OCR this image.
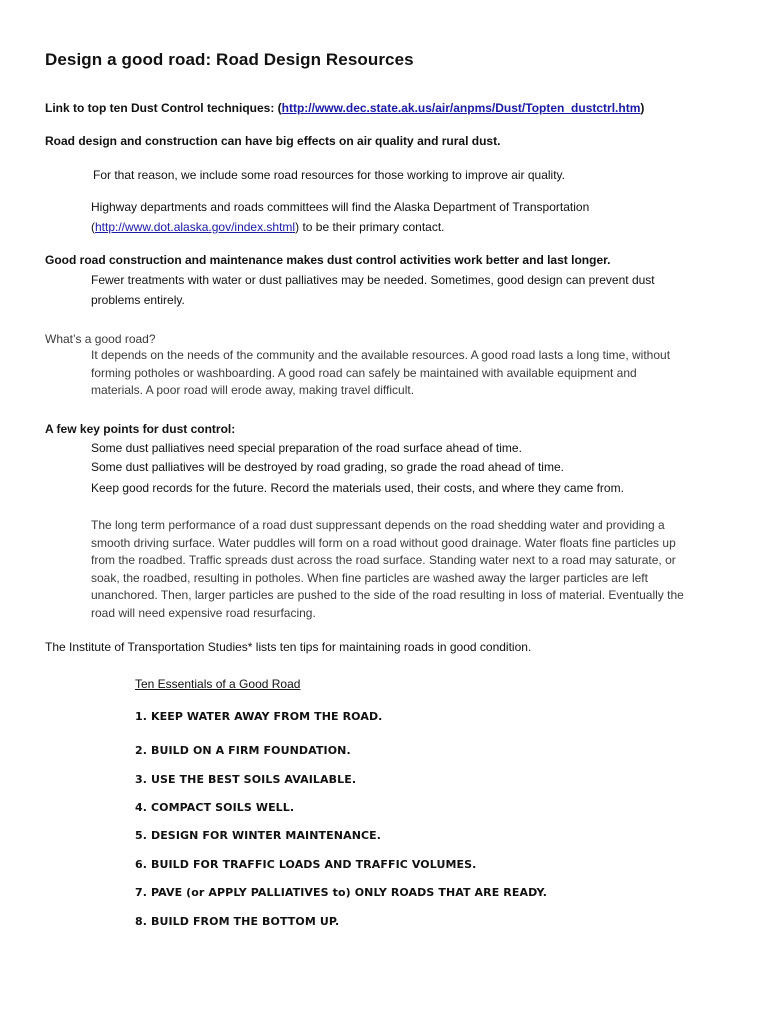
Design a good road: Road Design Resources

Link to top ten Dust Control techniques: (http://www.dec.state.ak.us/air/anpms/Dust/Topten_dustctrl.htm)

Road design and construction can have big effects on air quality and rural dust.

For that reason, we include some road resources for those working to improve air quality.

Highway departments and roads committees will find the Alaska Department of Transportation

(http://www.dot.alaska.gov/index.shtml) to be their primary contact.

Good road construction and maintenance makes dust control activities work better and last longer.

Fewer treatments with water or dust palliatives may be needed. Sometimes, good design can prevent dust

problems entirely.

What’s a good road?

It depends on the needs of the community and the available resources. A good road lasts a long time, without

forming potholes or washboarding. A good road can safely be maintained with available equipment and

materials. A poor road will erode away, making travel difficult.

A few key points for dust control:

Some dust palliatives need special preparation of the road surface ahead of time.

Some dust palliatives will be destroyed by road grading, so grade the road ahead of time.

Keep good records for the future. Record the materials used, their costs, and where they came from.

The long term performance of a road dust suppressant depends on the road shedding water and providing a

smooth driving surface. Water puddles will form on a road without good drainage. Water floats fine particles up

from the roadbed. Traffic spreads dust across the road surface. Standing water next to a road may saturate, or

soak, the roadbed, resulting in potholes. When fine particles are washed away the larger particles are left

unanchored. Then, larger particles are pushed to the side of the road resulting in loss of material. Eventually the

road will need expensive road resurfacing.

The Institute of Transportation Studies* lists ten tips for maintaining roads in good condition.

Ten Essentials of a Good Road

1. KEEP WATER AWAY FROM THE ROAD.

2. BUILD ON A FIRM FOUNDATION.

3. USE THE BEST SOILS AVAILABLE.

4. COMPACT SOILS WELL.

5. DESIGN FOR WINTER MAINTENANCE.

6. BUILD FOR TRAFFIC LOADS AND TRAFFIC VOLUMES.

7. PAVE (or APPLY PALLIATIVES to) ONLY ROADS THAT ARE READY.

8. BUILD FROM THE BOTTOM UP.
